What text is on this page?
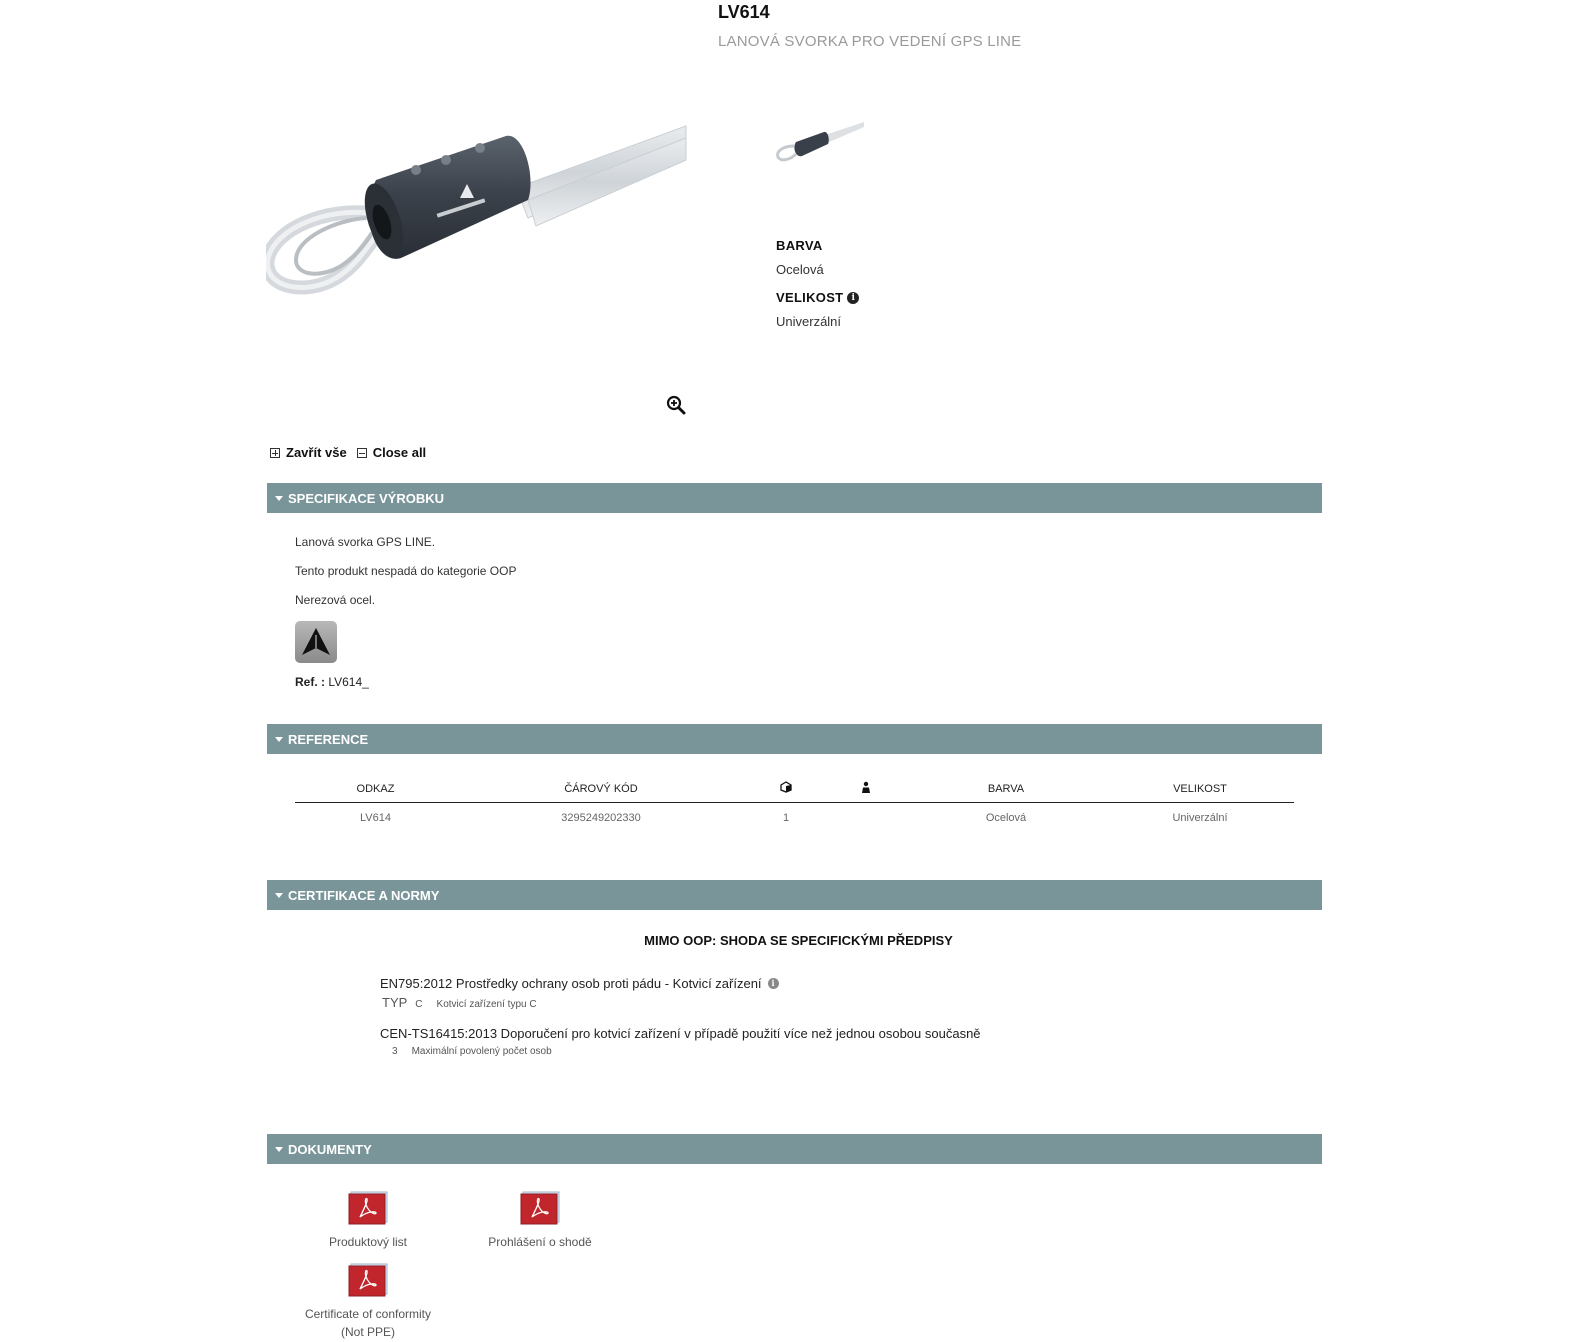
LV614
LANOVÁ SVORKA PRO VEDENÍ GPS LINE
BARVA
Ocelová
VELIKOST i
Univerzální
Zavřít vše Close all
SPECIFIKACE VÝROBKU
Lanová svorka GPS LINE.
Tento produkt nespadá do kategorie OOP
Nerezová ocel.
Ref. : LV614_
REFERENCE
ODKAZ	ČÁROVÝ KÓD			BARVA	VELIKOST
LV614	3295249202330	1		Ocelová	Univerzální
CERTIFIKACE A NORMY
MIMO OOP: SHODA SE SPECIFICKÝMI PŘEDPISY
EN795:2012 Prostředky ochrany osob proti pádu - Kotvicí zařízení	i
TYP C Kotvicí zařízení typu C
CEN-TS16415:2013 Doporučení pro kotvicí zařízení v případě použití více než jednou osobou současně
3 Maximální povolený počet osob
DOKUMENTY
Produktový list	Prohlášení o shodě
Certificate of conformity
(Not PPE)
